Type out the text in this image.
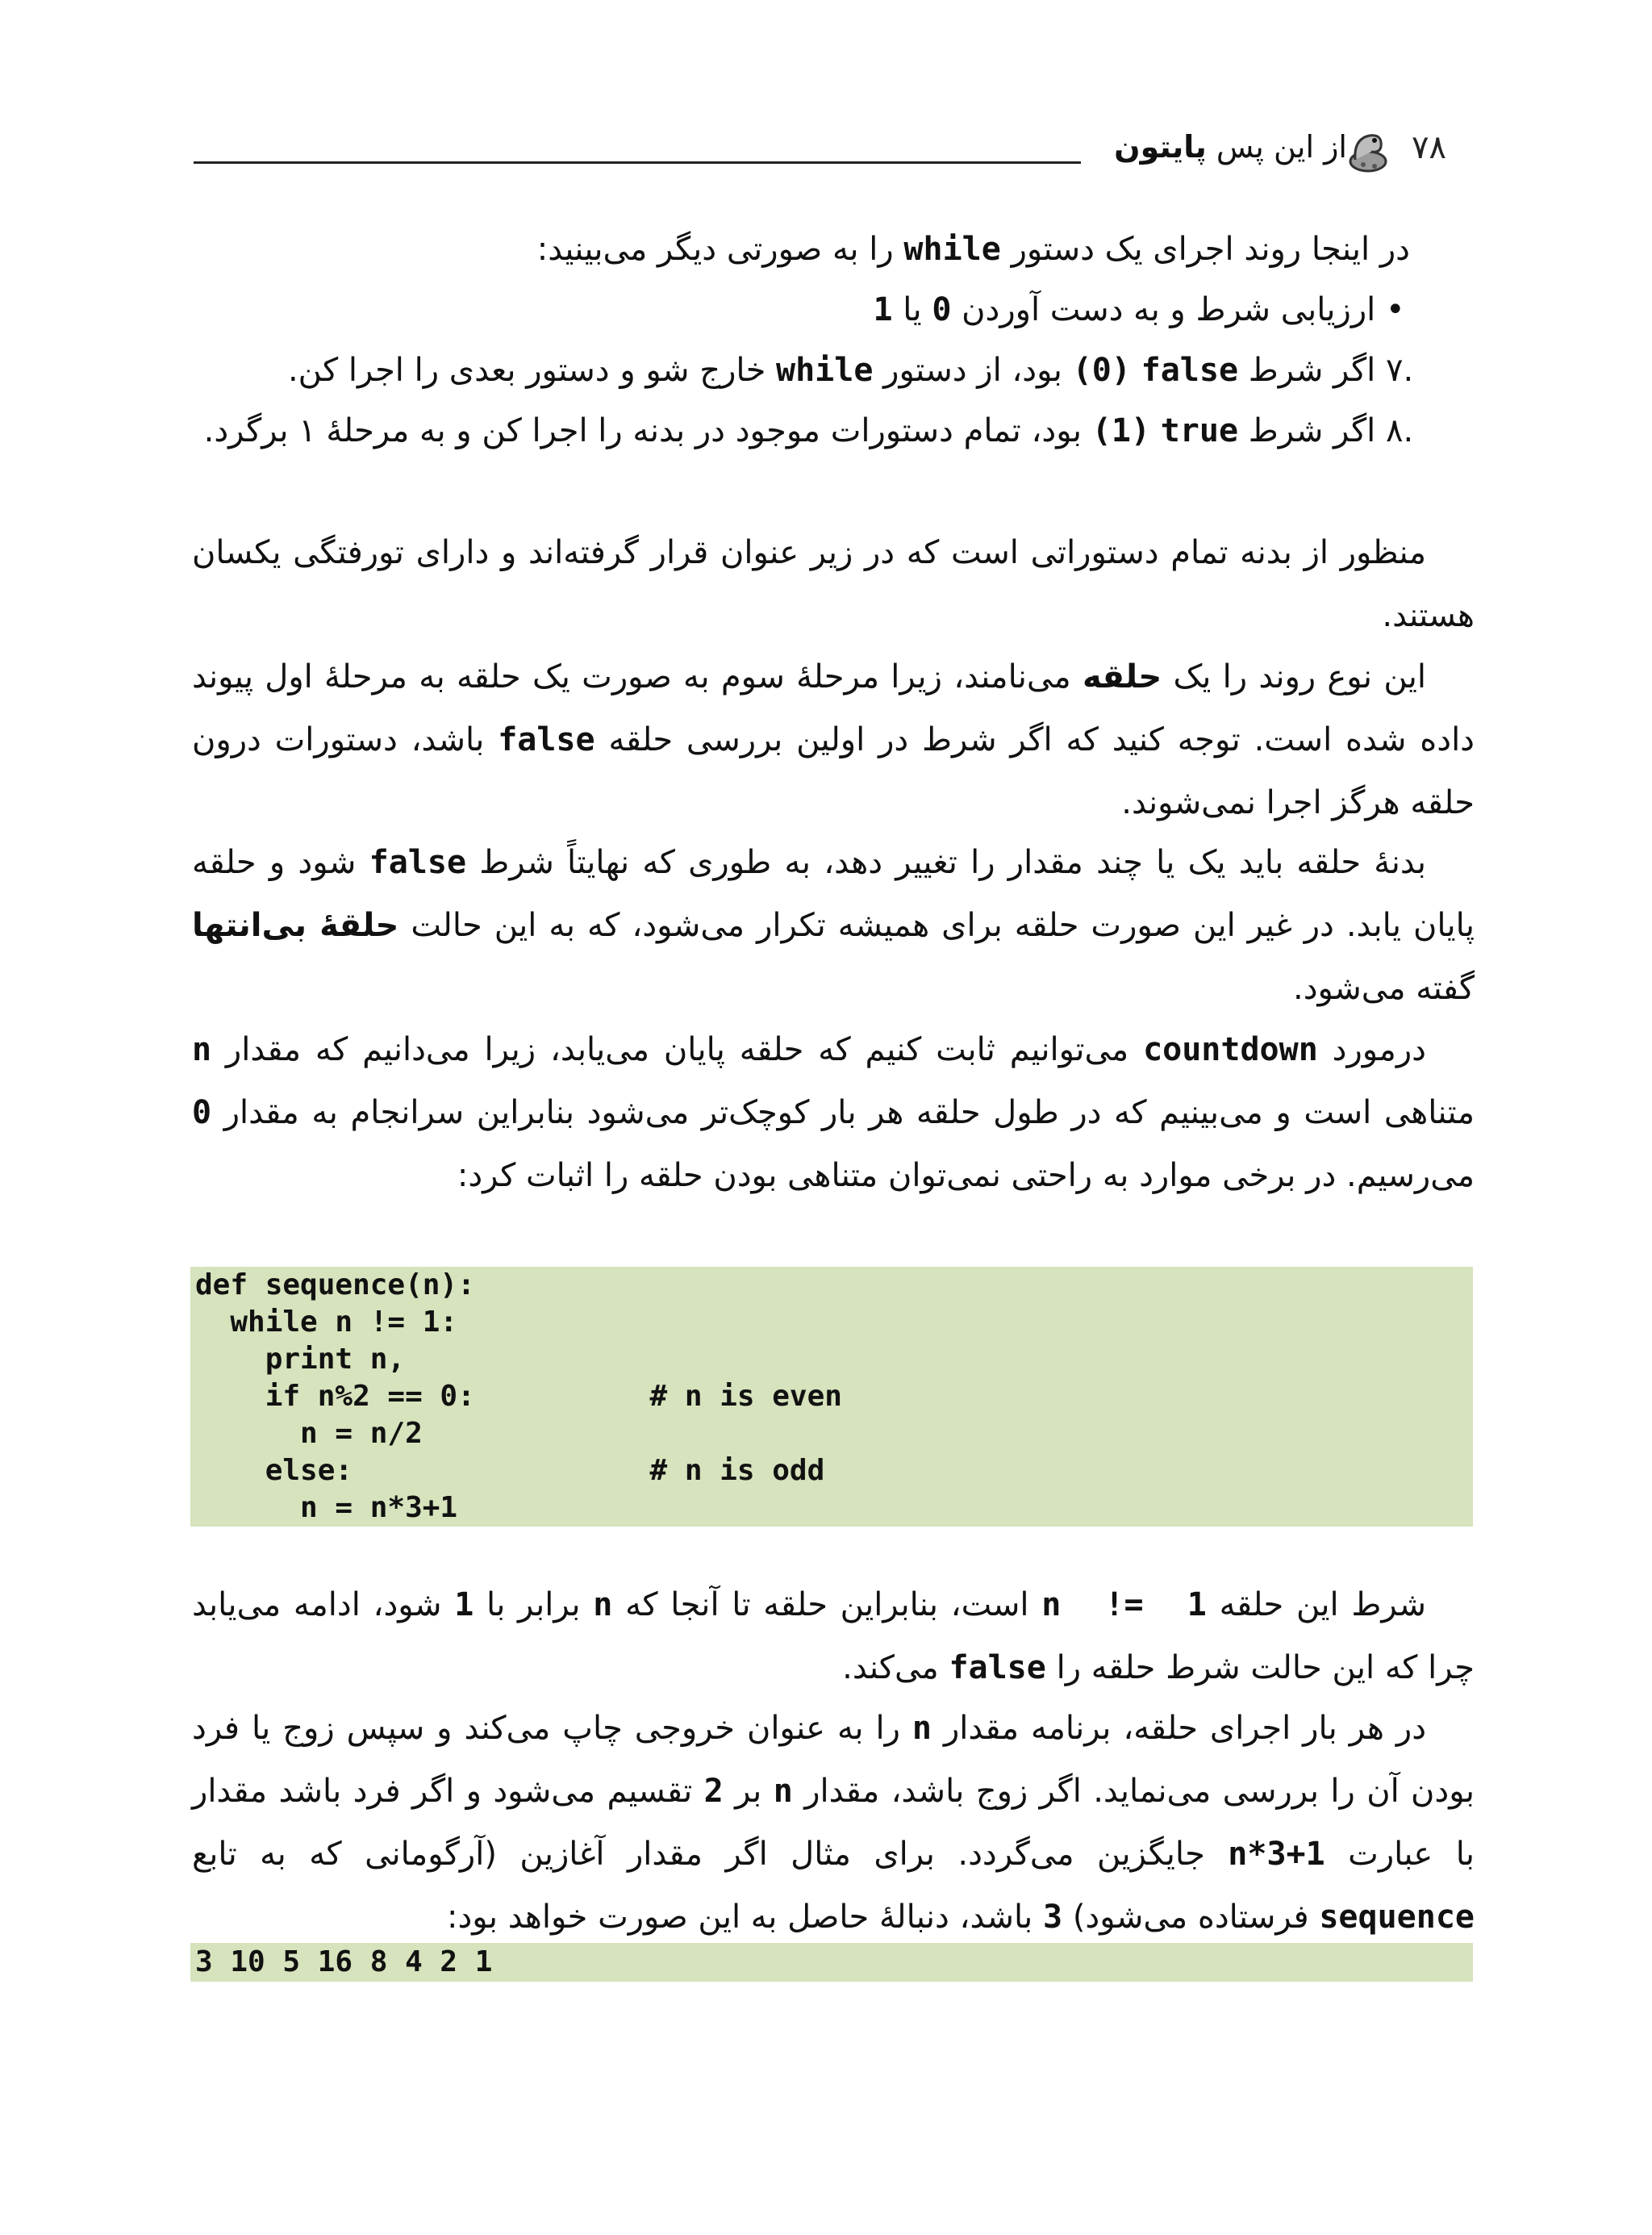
۷۸
از این پس پایتون
در اینجا روند اجرای یک دستور while را به صورتی دیگر می‌بینید:
• ارزیابی شرط و به دست آوردن 0 یا 1
.۷ اگر شرط false (0) بود، از دستور while خارج شو و دستور بعدی را اجرا کن.
.۸ اگر شرط true (1) بود، تمام دستورات موجود در بدنه را اجرا کن و به مرحلهٔ ۱ برگرد.
منظور از بدنه تمام دستوراتی است که در زیر عنوان قرار گرفته‌اند و دارای تورفتگی یکسان هستند.
این نوع روند را یک حلقه می‌نامند، زیرا مرحلهٔ سوم به صورت یک حلقه به مرحلهٔ اول پیوند داده شده است. توجه کنید که اگر شرط در اولین بررسی حلقه false باشد، دستورات درون حلقه هرگز اجرا نمی‌شوند.
بدنهٔ حلقه باید یک یا چند مقدار را تغییر دهد، به طوری که نهایتاً شرط false شود و حلقه پایان یابد. در غیر این صورت حلقه برای همیشه تکرار می‌شود، که به این حالت حلقهٔ بی‌انتها گفته می‌شود.
درمورد countdown می‌توانیم ثابت کنیم که حلقه پایان می‌یابد، زیرا می‌دانیم که مقدار n متناهی است و می‌بینیم که در طول حلقه هر بار کوچک‌تر می‌شود بنابراین سرانجام به مقدار 0 می‌رسیم. در برخی موارد به راحتی نمی‌توان متناهی بودن حلقه را اثبات کرد:
def sequence(n):
while n != 1:
print n,
if n%2 == 0:          # n is even
n = n/2
else:                 # n is odd
n = n*3+1
شرط این حلقه n  !=  1 است، بنابراین حلقه تا آنجا که n برابر با 1 شود، ادامه می‌یابد چرا که این حالت شرط حلقه را false می‌کند.
در هر بار اجرای حلقه، برنامه مقدار n را به عنوان خروجی چاپ می‌کند و سپس زوج یا فرد بودن آن را بررسی می‌نماید. اگر زوج باشد، مقدار n بر 2 تقسیم می‌شود و اگر فرد باشد مقدار با عبارت n*3+1 جایگزین می‌گردد. برای مثال اگر مقدار آغازین (آرگومانی که به تابع sequence فرستاده می‌شود) 3 باشد، دنبالهٔ حاصل به این صورت خواهد بود:
3 10 5 16 8 4 2 1
